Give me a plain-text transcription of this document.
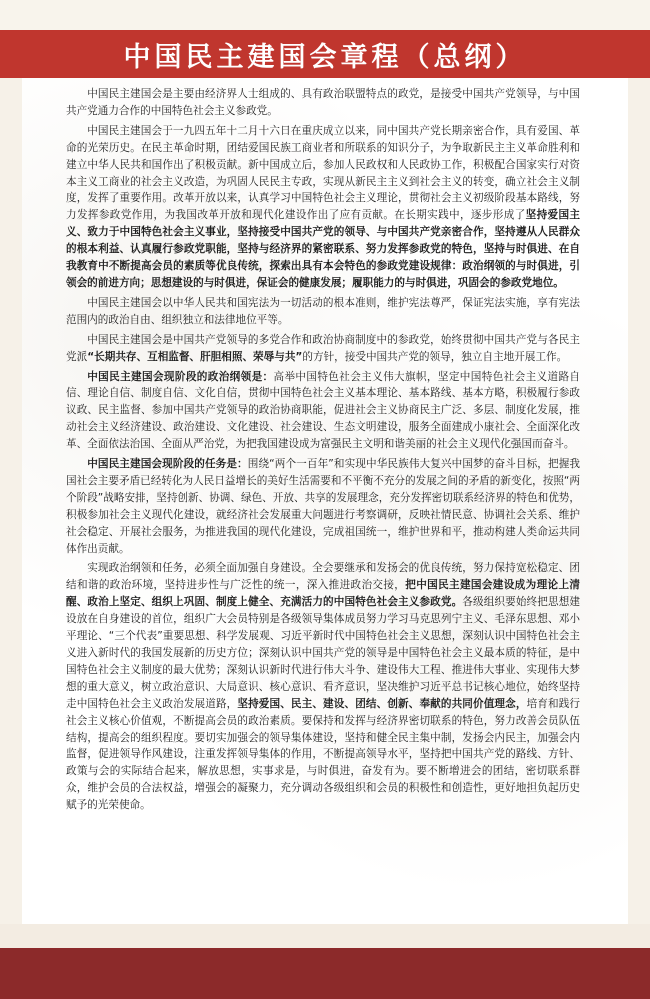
中国民主建国会章程（总纲）

中国民主建国会是主要由经济界人士组成的、具有政治联盟特点的政党，是接受中国共产党领导，与中国共产党通力合作的中国特色社会主义参政党。

中国民主建国会于一九四五年十二月十六日在重庆成立以来，同中国共产党长期亲密合作，具有爱国、革命的光荣历史。在民主革命时期，团结爱国民族工商业者和所联系的知识分子，为争取新民主主义革命胜利和建立中华人民共和国作出了积极贡献。新中国成立后，参加人民政权和人民政协工作，积极配合国家实行对资本主义工商业的社会主义改造，为巩固人民民主专政，实现从新民主主义到社会主义的转变，确立社会主义制度，发挥了重要作用。改革开放以来，认真学习中国特色社会主义理论，贯彻社会主义初级阶段基本路线，努力发挥参政党作用，为我国改革开放和现代化建设作出了应有贡献。在长期实践中，逐步形成了坚持爱国主义、致力于中国特色社会主义事业，坚持接受中国共产党的领导、与中国共产党亲密合作，坚持遵从人民群众的根本利益、认真履行参政党职能，坚持与经济界的紧密联系、努力发挥参政党的特色，坚持与时俱进、在自我教育中不断提高会员的素质等优良传统，探索出具有本会特色的参政党建设规律：政治纲领的与时俱进，引领会的前进方向；思想建设的与时俱进，保证会的健康发展；履职能力的与时俱进，巩固会的参政党地位。

中国民主建国会以中华人民共和国宪法为一切活动的根本准则，维护宪法尊严，保证宪法实施，享有宪法范围内的政治自由、组织独立和法律地位平等。

中国民主建国会是中国共产党领导的多党合作和政治协商制度中的参政党，始终贯彻中国共产党与各民主党派“长期共存、互相监督、肝胆相照、荣辱与共”的方针，接受中国共产党的领导，独立自主地开展工作。

中国民主建国会现阶段的政治纲领是：高举中国特色社会主义伟大旗帜，坚定中国特色社会主义道路自信、理论自信、制度自信、文化自信，贯彻中国特色社会主义基本理论、基本路线、基本方略，积极履行参政议政、民主监督、参加中国共产党领导的政治协商职能，促进社会主义协商民主广泛、多层、制度化发展，推动社会主义经济建设、政治建设、文化建设、社会建设、生态文明建设，服务全面建成小康社会、全面深化改革、全面依法治国、全面从严治党，为把我国建设成为富强民主文明和谐美丽的社会主义现代化强国而奋斗。

中国民主建国会现阶段的任务是：围绕“两个一百年”和实现中华民族伟大复兴中国梦的奋斗目标，把握我国社会主要矛盾已经转化为人民日益增长的美好生活需要和不平衡不充分的发展之间的矛盾的新变化，按照“两个阶段”战略安排，坚持创新、协调、绿色、开放、共享的发展理念，充分发挥密切联系经济界的特色和优势，积极参加社会主义现代化建设，就经济社会发展重大问题进行考察调研，反映社情民意、协调社会关系、维护社会稳定、开展社会服务，为推进我国的现代化建设，完成祖国统一，维护世界和平，推动构建人类命运共同体作出贡献。

实现政治纲领和任务，必须全面加强自身建设。全会要继承和发扬会的优良传统，努力保持宽松稳定、团结和谐的政治环境，坚持进步性与广泛性的统一，深入推进政治交接，把中国民主建国会建设成为理论上清醒、政治上坚定、组织上巩固、制度上健全、充满活力的中国特色社会主义参政党。各级组织要始终把思想建设放在自身建设的首位，组织广大会员特别是各级领导集体成员努力学习马克思列宁主义、毛泽东思想、邓小平理论、“三个代表”重要思想、科学发展观、习近平新时代中国特色社会主义思想，深刻认识中国特色社会主义进入新时代的我国发展新的历史方位；深刻认识中国共产党的领导是中国特色社会主义最本质的特征，是中国特色社会主义制度的最大优势；深刻认识新时代进行伟大斗争、建设伟大工程、推进伟大事业、实现伟大梦想的重大意义，树立政治意识、大局意识、核心意识、看齐意识，坚决维护习近平总书记核心地位，始终坚持走中国特色社会主义政治发展道路，坚持爱国、民主、建设、团结、创新、奉献的共同价值理念，培育和践行社会主义核心价值观，不断提高会员的政治素质。要保持和发挥与经济界密切联系的特色，努力改善会员队伍结构，提高会的组织程度。要切实加强会的领导集体建设，坚持和健全民主集中制，发扬会内民主，加强会内监督，促进领导作风建设，注重发挥领导集体的作用，不断提高领导水平，坚持把中国共产党的路线、方针、政策与会的实际结合起来，解放思想，实事求是，与时俱进，奋发有为。要不断增进会的团结，密切联系群众，维护会员的合法权益，增强会的凝聚力，充分调动各级组织和会员的积极性和创造性，更好地担负起历史赋予的光荣使命。
